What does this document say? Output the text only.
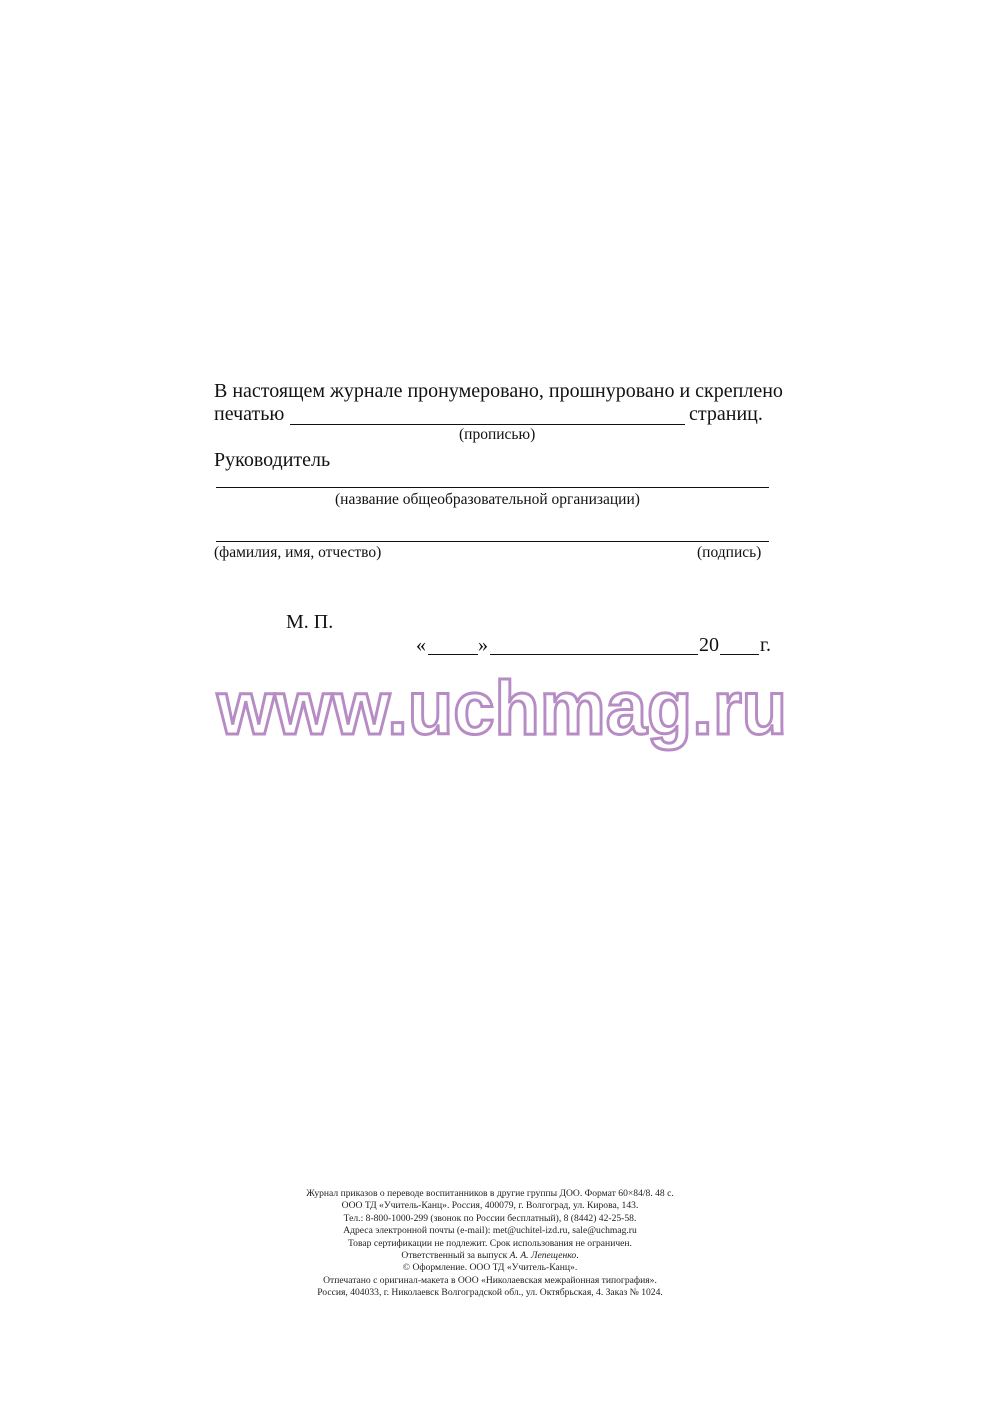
В настоящем журнале пронумеровано, прошнуровано и скреплено
печатью	страниц.
(прописью)
Руководитель
(название общеобразовательной организации)
(фамилия, имя, отчество)	(подпись)
М. П.
«	»	20 г.
www.uchmag.ru
Журнал приказов о переводе воспитанников в другие группы ДОО. Формат 60×84/8. 48 с.
ООО ТД «Учитель-Канц». Россия, 400079, г. Волгоград, ул. Кирова, 143.
Тел.: 8-800-1000-299 (звонок по России бесплатный), 8 (8442) 42-25-58.
Адреса электронной почты (e-mail): met@uchitel-izd.ru, sale@uchmag.ru
Товар сертификации не подлежит. Срок использования не ограничен.
Ответственный за выпуск А. А. Лепещенко.
© Оформление. ООО ТД «Учитель-Канц».
Отпечатано с оригинал-макета в ООО «Николаевская межрайонная типография».
Россия, 404033, г. Николаевск Волгоградской обл., ул. Октябрьская, 4. Заказ № 1024.
